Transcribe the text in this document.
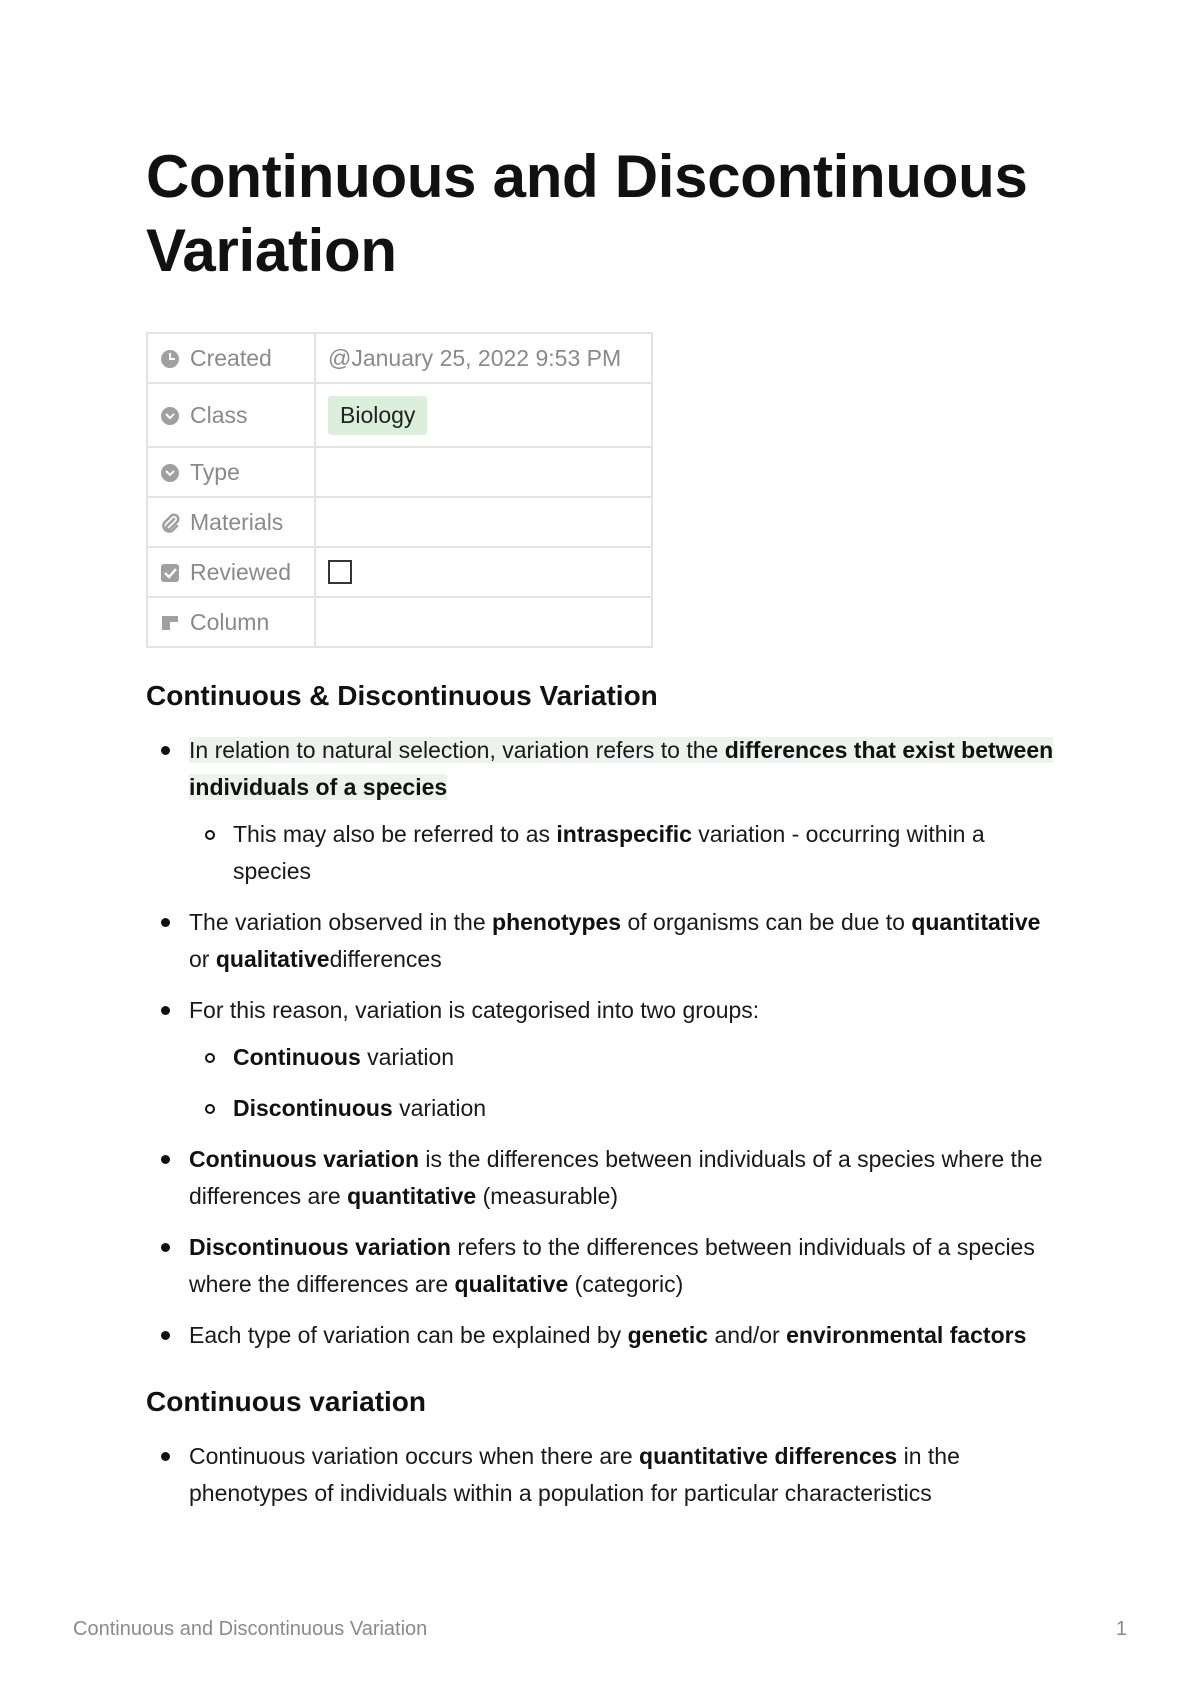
Continuous and Discontinuous Variation
Created	@January 25, 2022 9:53 PM
Class	Biology
Type	
Materials	
Reviewed	
Column	
Continuous & Discontinuous Variation
In relation to natural selection, variation refers to the differences that exist between individuals of a species
This may also be referred to as intraspecific variation - occurring within a species
The variation observed in the phenotypes of organisms can be due to quantitative or qualitativedifferences
For this reason, variation is categorised into two groups:
Continuous variation
Discontinuous variation
Continuous variation is the differences between individuals of a species where the differences are quantitative (measurable)
Discontinuous variation refers to the differences between individuals of a species where the differences are qualitative (categoric)
Each type of variation can be explained by genetic and/or environmental factors
Continuous variation
Continuous variation occurs when there are quantitative differences in the phenotypes of individuals within a population for particular characteristics
Continuous and Discontinuous Variation	1
